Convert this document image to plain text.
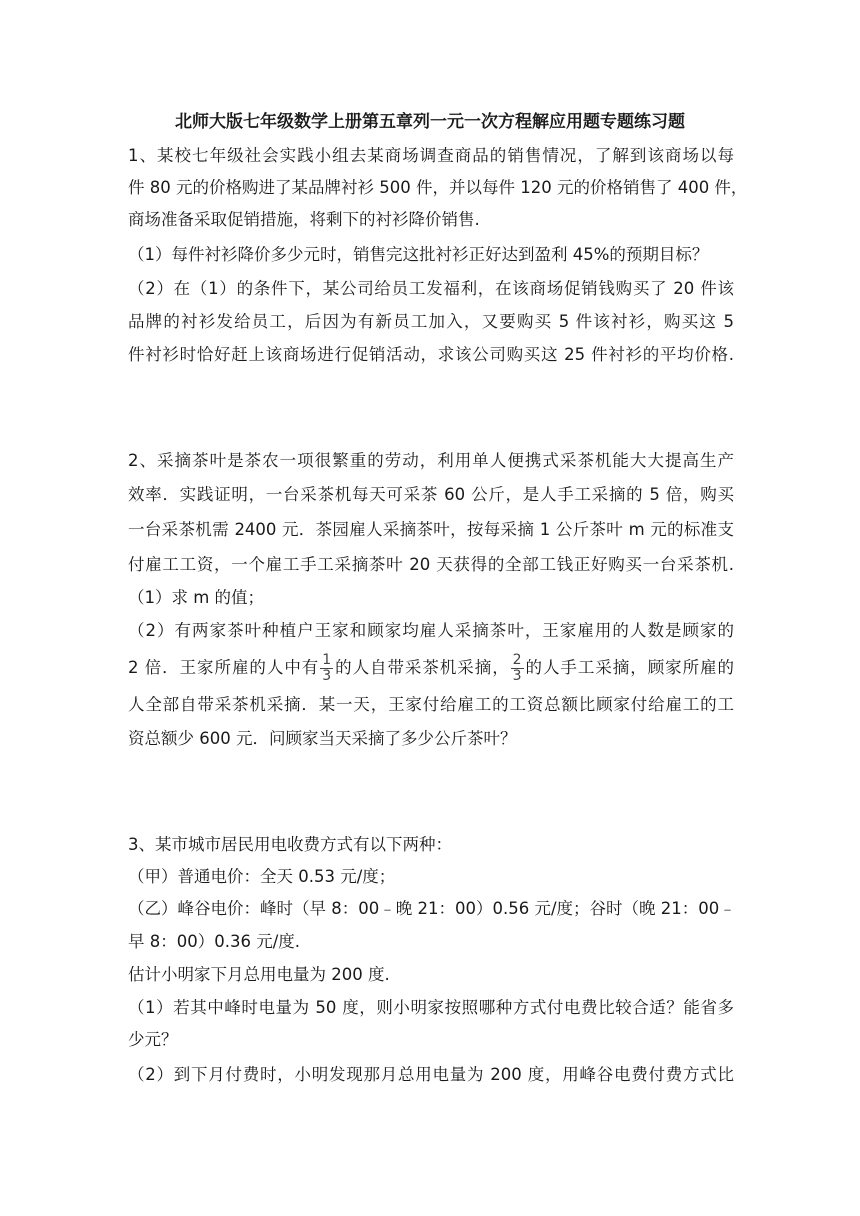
北师大版七年级数学上册第五章列一元一次方程解应用题专题练习题
1、某校七年级社会实践小组去某商场调查商品的销售情况，了解到该商场以每
件 80 元的价格购进了某品牌衬衫 500 件，并以每件 120 元的价格销售了 400 件，
商场准备采取促销措施，将剩下的衬衫降价销售.
（1）每件衬衫降价多少元时，销售完这批衬衫正好达到盈利 45%的预期目标？
（2）在（1）的条件下，某公司给员工发福利，在该商场促销钱购买了 20 件该
品牌的衬衫发给员工，后因为有新员工加入，又要购买 5 件该衬衫，购买这 5
件衬衫时恰好赶上该商场进行促销活动，求该公司购买这 25 件衬衫的平均价格.
2、采摘茶叶是茶农一项很繁重的劳动，利用单人便携式采茶机能大大提高生产
效率．实践证明，一台采茶机每天可采茶 60 公斤，是人手工采摘的 5 倍，购买
一台采茶机需 2400 元．茶园雇人采摘茶叶，按每采摘 1 公斤茶叶 m 元的标准支
付雇工工资，一个雇工手工采摘茶叶 20 天获得的全部工钱正好购买一台采茶机.
（1）求 m 的值；
（2）有两家茶叶种植户王家和顾家均雇人采摘茶叶，王家雇用的人数是顾家的
2 倍．王家所雇的人中有 $\frac{1}{3}$ 的人自带采茶机采摘， $\frac{2}{3}$ 的人手工采摘，顾家所雇的
人全部自带采茶机采摘．某一天，王家付给雇工的工资总额比顾家付给雇工的工
资总额少 600 元．问顾家当天采摘了多少公斤茶叶？
3、某市城市居民用电收费方式有以下两种：
（甲）普通电价：全天 0.53 元/度；
（乙）峰谷电价：峰时（早 8：00﹣晚 21：00）0.56 元/度；谷时（晚 21：00﹣
早 8：00）0.36 元/度.
估计小明家下月总用电量为 200 度.
（1）若其中峰时电量为 50 度，则小明家按照哪种方式付电费比较合适？能省多
少元？
（2）到下月付费时，小明发现那月总用电量为 200 度，用峰谷电费付费方式比
